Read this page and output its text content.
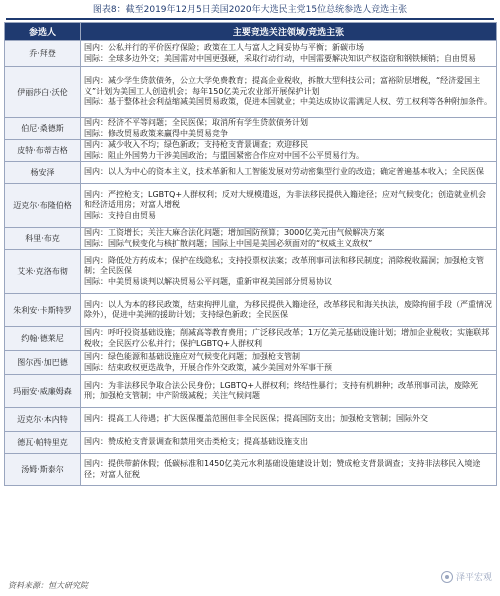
图表8：截至2019年12月5日美国2020年大选民主党15位总统参选人竞选主张
参选人	主要竞选关注领域/竞选主张
乔·拜登	国内：公私并行的平价医疗保险；政策在工人与富人之间妥协与平衡；新碳市场
国际：全球多边外交；美国需对中国更强硬，采取行动行动，中国需要解决知识产权盗窃和钢铁倾销；自由贸易

伊丽莎白·沃伦	国内：减少学生贷款债务，公立大学免费教育；提高企业税收，拆散大型科技公司；富裕阶层增税，“经济爱国主义”计划为美国工人创造机会；每年150亿美元农业部开展保护计划
国际：基于整体社会利益缩减美国贸易政策，促进本国就业；中美达成协议需满足人权、劳工权利等各种附加条件。

伯尼·桑德斯	国内：经济不平等问题；全民医保；取消所有学生贷款债务计划
国际：修改贸易政策来赢得中美贸易竞争

皮特·布蒂吉格	国内：减少收入不均；绿色新政；支持枪支背景调查；欢迎移民
国际：阻止外国势力干涉美国政治；与盟国紧密合作应对中国不公平贸易行为。

杨安泽	国内：以人为中心的资本主义，技术革新和人工智能发展对劳动密集型行业的改造；确定普遍基本收入；全民医保

迈克尔·布隆伯格	国内：严控枪支；LGBTQ+人群权利；反对大规模遣返，为非法移民提供入籍途径；应对气候变化；创造就业机会和经济适用房；对富人增税
国际：支持自由贸易

科里·布克	国内：工资增长；关注大麻合法化问题；增加国防预算；3000亿美元由气候解决方案
国际：国际气候变化与核扩散问题；国际上中国是美国必须面对的“权威主义敌权”

艾米·克洛布彻	国内：降低处方药成本；保护在线隐私；支持投票权法案；改革刑事司法和移民制度；消除税收漏洞；加强枪支管制；全民医保
国际：中美贸易谈判以解决贸易公平问题，重新审视美国部分贸易协议

朱利安·卡斯特罗	国内：以人为本的移民政策，结束拘押儿童，为移民提供入籍途径，改革移民和海关执法，废除拘留手段（严重情况除外），促进中美洲的援助计划；支持绿色新政；全民医保

约翰·德莱尼	国内：呼吁投资基础设施；削减高等教育费用；广泛移民改革；1万亿美元基础设施计划；增加企业税收；实施联邦税收；全民医疗公私并行；保护LGBTQ+人群权利

图尔西·加巴德	国内：绿色能源和基础设施应对气候变化问题；加强枪支管制
国际：结束政权更迭战争，开展合作外交政策，减少美国对外军事干预

玛丽安·威廉姆森	国内：为非法移民争取合法公民身份；LGBTQ+人群权利；终结性暴行；支持有机耕种；改革刑事司法，废除死刑；加强枪支管制；中产阶级减税；关注气候问题

迈克尔·本内特	国内：提高工人待遇；扩大医保覆盖范围但非全民医保；提高国防支出；加强枪支管制；国际外交

德瓦·帕特里克	国内：赞成枪支背景调查和禁用突击类枪支；提高基础设施支出

汤姆·斯泰尔	国内：提供带薪休假；低碳标准和1450亿美元水利基础设施建设计划；赞成枪支背景调查；支持非法移民入境途径；对富人征税
泽平宏观
资料来源：恒大研究院
